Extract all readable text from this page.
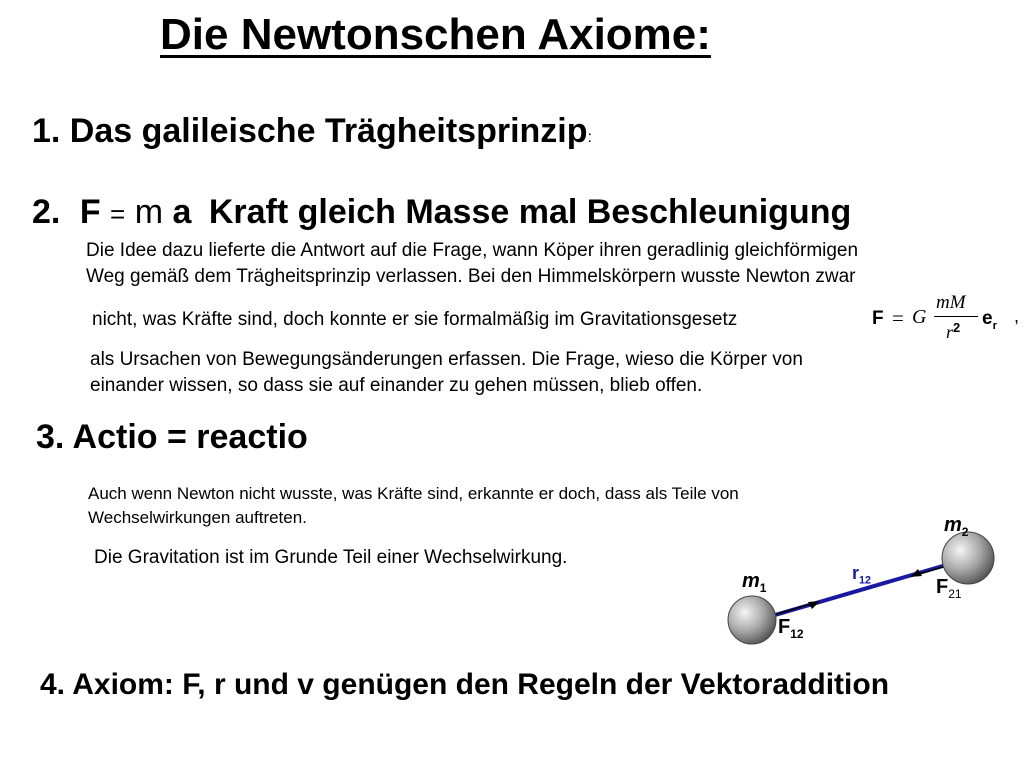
Die Newtonschen Axiome:
1. Das galileische Trägheitsprinzip:
2. F = m a Kraft gleich Masse mal Beschleunigung
Die Idee dazu lieferte die Antwort auf die Frage, wann Köper ihren geradlinig gleichförmigen
Weg gemäß dem Trägheitsprinzip verlassen. Bei den Himmelskörpern wusste Newton zwar
nicht, was Kräfte sind, doch konnte er sie formalmäßig im Gravitationsgesetz	F = G
mM
$r^2$ $e_r$ ,
als Ursachen von Bewegungsänderungen erfassen. Die Frage, wieso die Körper von
einander wissen, so dass sie auf einander zu gehen müssen, blieb offen.
3. Actio = reactio
Auch wenn Newton nicht wusste, was Kräfte sind, erkannte er doch, dass als Teile von
Wechselwirkungen auftreten.
Die Gravitation ist im Grunde Teil einer Wechselwirkung.
$m_1$
$m_2$
$r_{12}$
$F_{12}$
$F_{21}$
4. Axiom: F, r und v genügen den Regeln der Vektoraddition
